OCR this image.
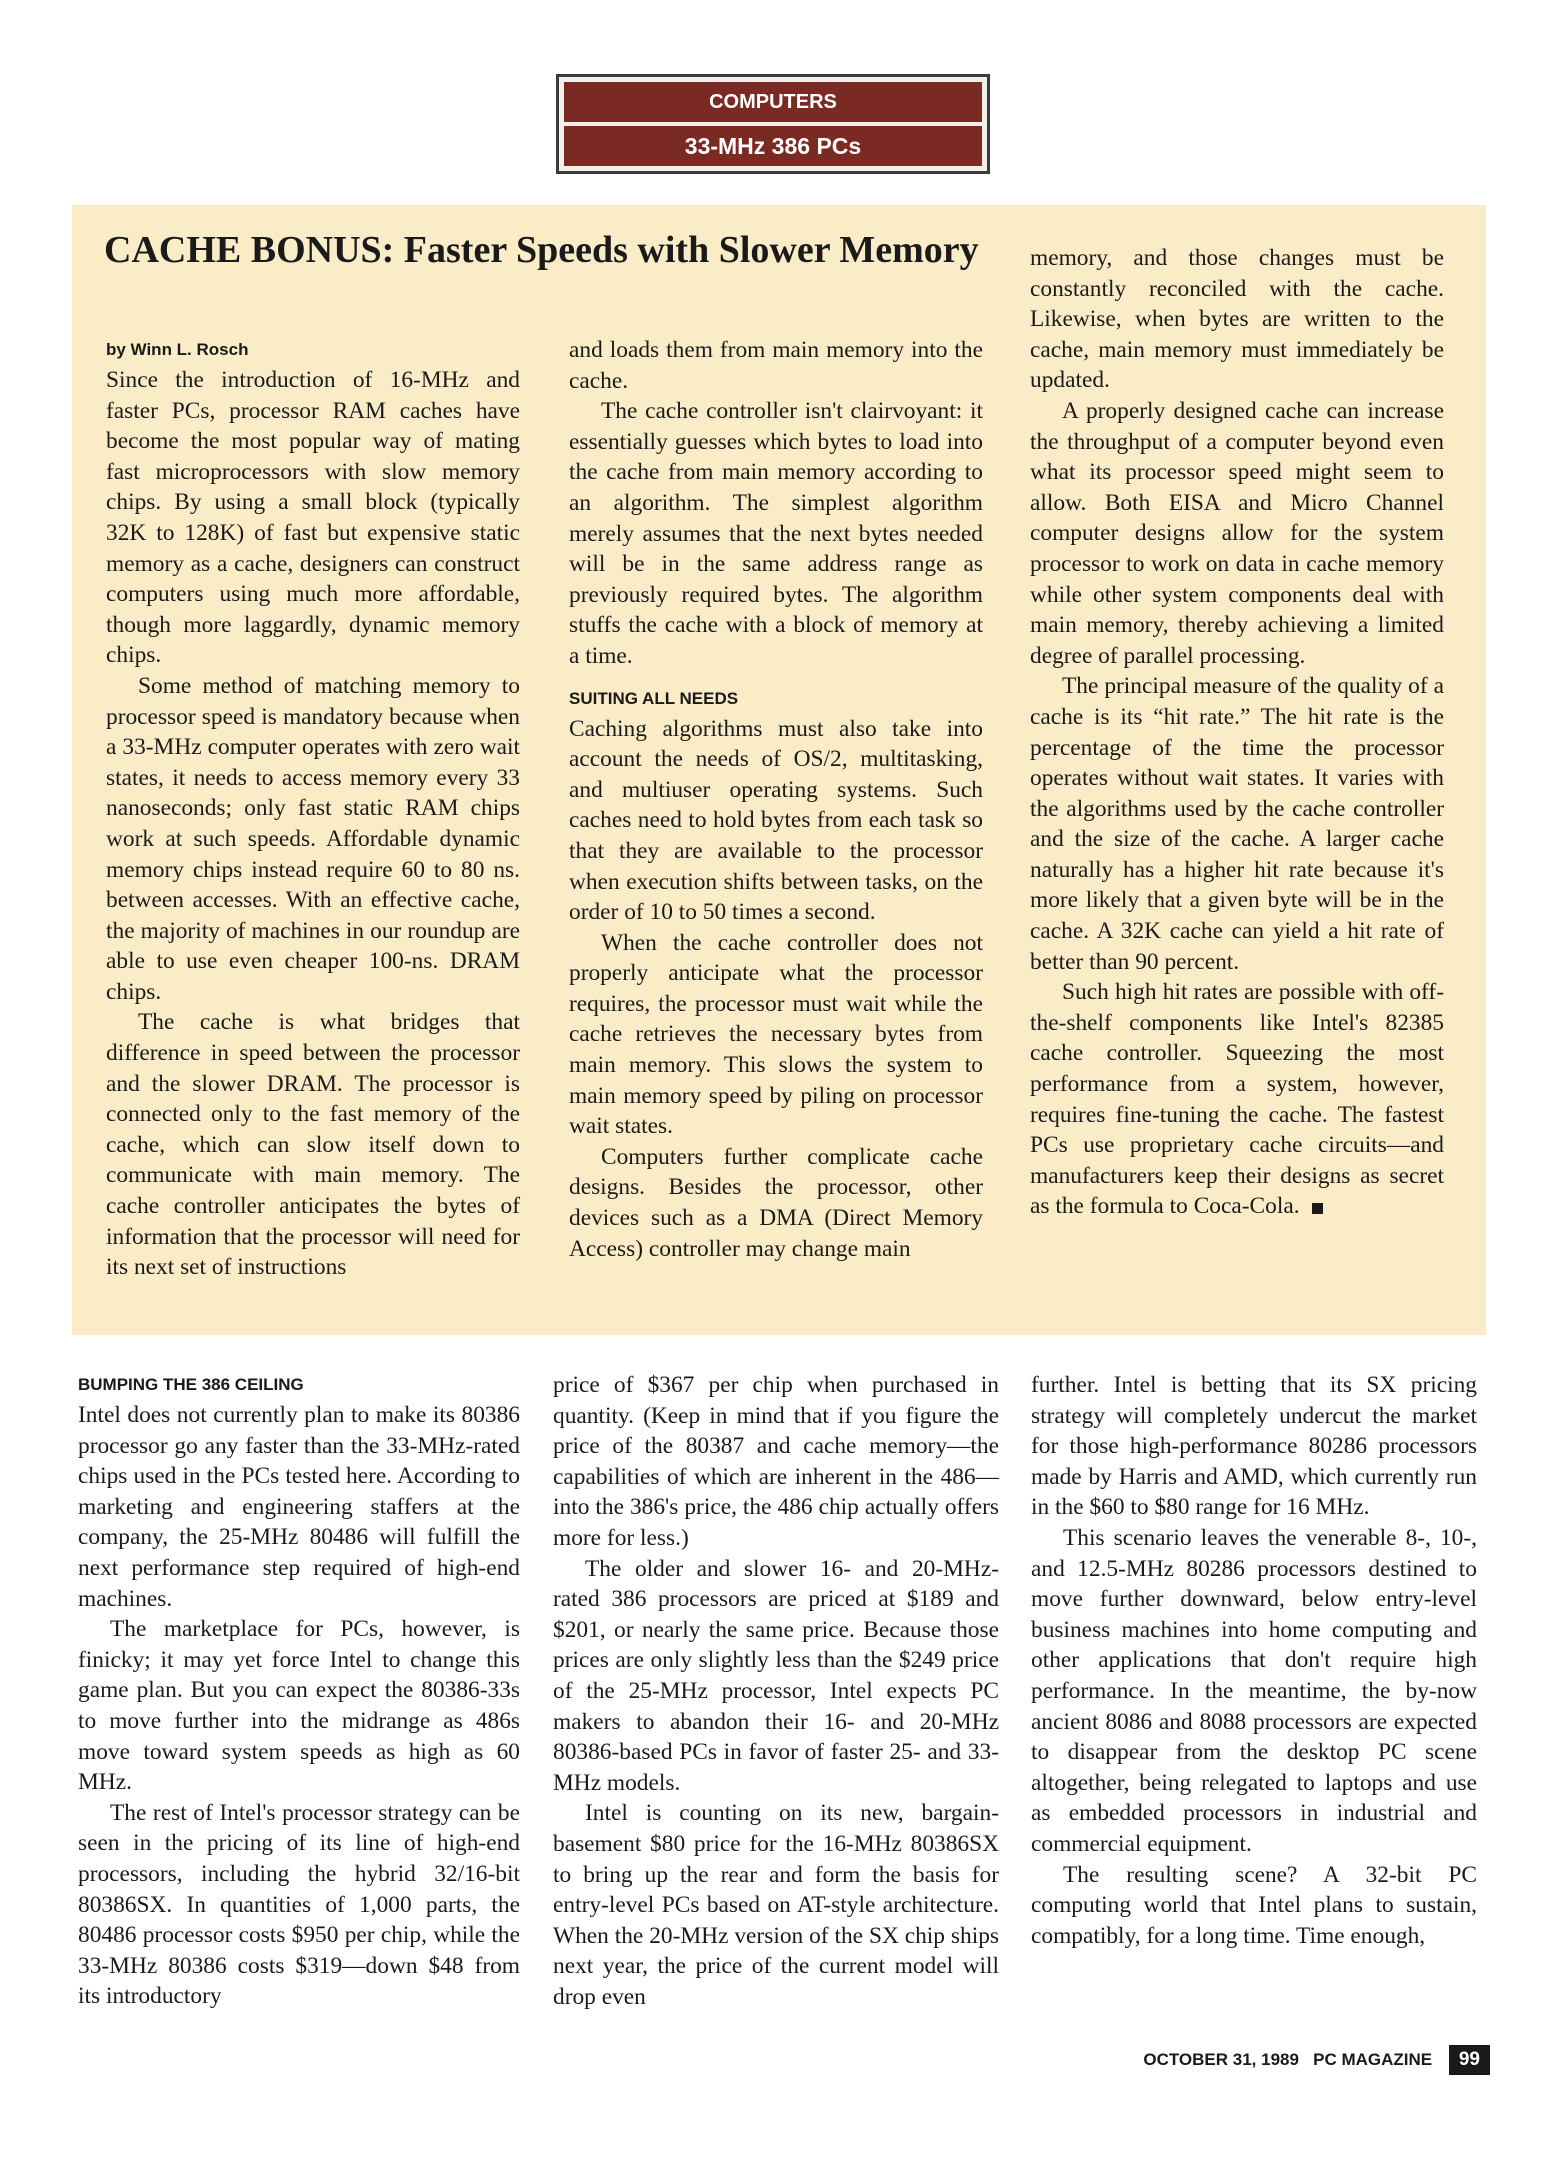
COMPUTERS
33-MHz 386 PCs
CACHE BONUS: Faster Speeds with Slower Memory
by Winn L. Rosch

Since the introduction of 16-MHz and faster PCs, processor RAM caches have become the most popular way of mating fast microprocessors with slow memory chips. By using a small block (typically 32K to 128K) of fast but expensive static memory as a cache, designers can construct computers using much more affordable, though more laggardly, dynamic memory chips.

Some method of matching memory to processor speed is mandatory because when a 33-MHz computer operates with zero wait states, it needs to access memory every 33 nanoseconds; only fast static RAM chips work at such speeds. Affordable dynamic memory chips instead require 60 to 80 ns. between accesses. With an effective cache, the majority of machines in our roundup are able to use even cheaper 100-ns. DRAM chips.

The cache is what bridges that difference in speed between the processor and the slower DRAM. The processor is connected only to the fast memory of the cache, which can slow itself down to communicate with main memory. The cache controller anticipates the bytes of information that the processor will need for its next set of instructions

and loads them from main memory into the cache.

The cache controller isn't clairvoyant: it essentially guesses which bytes to load into the cache from main memory according to an algorithm. The simplest algorithm merely assumes that the next bytes needed will be in the same address range as previously required bytes. The algorithm stuffs the cache with a block of memory at a time.

SUITING ALL NEEDS

Caching algorithms must also take into account the needs of OS/2, multitasking, and multiuser operating systems. Such caches need to hold bytes from each task so that they are available to the processor when execution shifts between tasks, on the order of 10 to 50 times a second.

When the cache controller does not properly anticipate what the processor requires, the processor must wait while the cache retrieves the necessary bytes from main memory. This slows the system to main memory speed by piling on processor wait states.

Computers further complicate cache designs. Besides the processor, other devices such as a DMA (Direct Memory Access) controller may change main

memory, and those changes must be constantly reconciled with the cache. Likewise, when bytes are written to the cache, main memory must immediately be updated.

A properly designed cache can increase the throughput of a computer beyond even what its processor speed might seem to allow. Both EISA and Micro Channel computer designs allow for the system processor to work on data in cache memory while other system components deal with main memory, thereby achieving a limited degree of parallel processing.

The principal measure of the quality of a cache is its “hit rate.” The hit rate is the percentage of the time the processor operates without wait states. It varies with the algorithms used by the cache controller and the size of the cache. A larger cache naturally has a higher hit rate because it's more likely that a given byte will be in the cache. A 32K cache can yield a hit rate of better than 90 percent.

Such high hit rates are possible with off-the-shelf components like Intel's 82385 cache controller. Squeezing the most performance from a system, however, requires fine-tuning the cache. The fastest PCs use proprietary cache circuits—and manufacturers keep their designs as secret as the formula to Coca-Cola.

BUMPING THE 386 CEILING

Intel does not currently plan to make its 80386 processor go any faster than the 33-MHz-rated chips used in the PCs tested here. According to marketing and engineering staffers at the company, the 25-MHz 80486 will fulfill the next performance step required of high-end machines.

The marketplace for PCs, however, is finicky; it may yet force Intel to change this game plan. But you can expect the 80386-33s to move further into the midrange as 486s move toward system speeds as high as 60 MHz.

The rest of Intel's processor strategy can be seen in the pricing of its line of high-end processors, including the hybrid 32/16-bit 80386SX. In quantities of 1,000 parts, the 80486 processor costs $950 per chip, while the 33-MHz 80386 costs $319—down $48 from its introductory

price of $367 per chip when purchased in quantity. (Keep in mind that if you figure the price of the 80387 and cache memory—the capabilities of which are inherent in the 486—into the 386's price, the 486 chip actually offers more for less.)

The older and slower 16- and 20-MHz-rated 386 processors are priced at $189 and $201, or nearly the same price. Because those prices are only slightly less than the $249 price of the 25-MHz processor, Intel expects PC makers to abandon their 16- and 20-MHz 80386-based PCs in favor of faster 25- and 33-MHz models.

Intel is counting on its new, bargain-basement $80 price for the 16-MHz 80386SX to bring up the rear and form the basis for entry-level PCs based on AT-style architecture. When the 20-MHz version of the SX chip ships next year, the price of the current model will drop even

further. Intel is betting that its SX pricing strategy will completely undercut the market for those high-performance 80286 processors made by Harris and AMD, which currently run in the $60 to $80 range for 16 MHz.

This scenario leaves the venerable 8-, 10-, and 12.5-MHz 80286 processors destined to move further downward, below entry-level business machines into home computing and other applications that don't require high performance. In the meantime, the by-now ancient 8086 and 8088 processors are expected to disappear from the desktop PC scene altogether, being relegated to laptops and use as embedded processors in industrial and commercial equipment.

The resulting scene? A 32-bit PC computing world that Intel plans to sustain, compatibly, for a long time. Time enough,

OCTOBER 31, 1989 PC MAGAZINE 99
